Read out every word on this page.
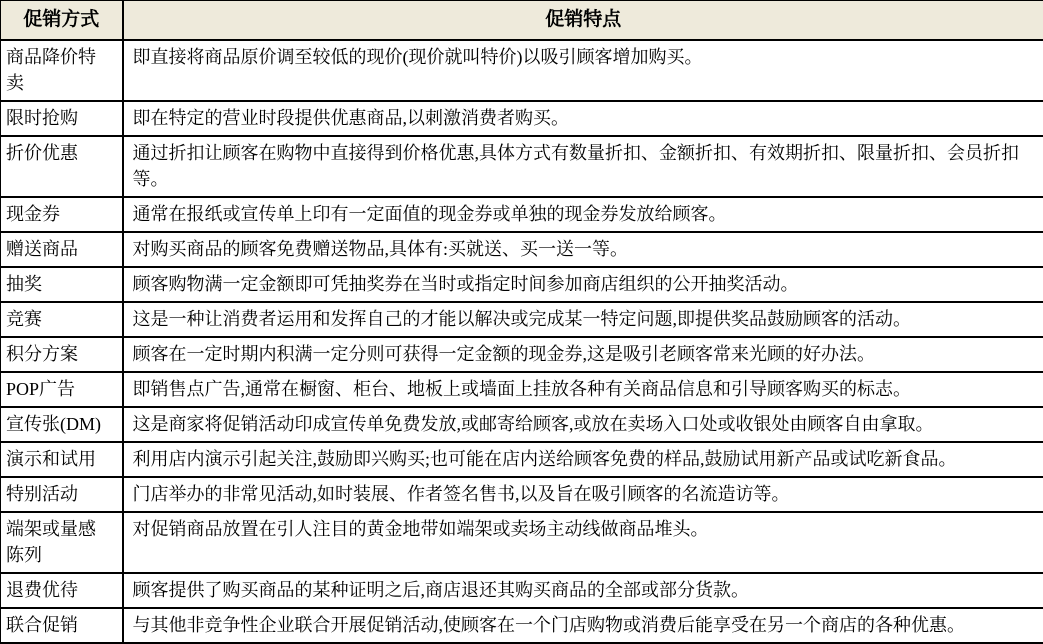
促销方式	促销特点
商品降价特卖	即直接将商品原价调至较低的现价(现价就叫特价)以吸引顾客增加购买。
限时抢购	即在特定的营业时段提供优惠商品,以刺激消费者购买。
折价优惠	通过折扣让顾客在购物中直接得到价格优惠,具体方式有数量折扣、金额折扣、有效期折扣、限量折扣、会员折扣等。
现金券	通常在报纸或宣传单上印有一定面值的现金券或单独的现金券发放给顾客。
赠送商品	对购买商品的顾客免费赠送物品,具体有:买就送、买一送一等。
抽奖	顾客购物满一定金额即可凭抽奖券在当时或指定时间参加商店组织的公开抽奖活动。
竞赛	这是一种让消费者运用和发挥自己的才能以解决或完成某一特定问题,即提供奖品鼓励顾客的活动。
积分方案	顾客在一定时期内积满一定分则可获得一定金额的现金券,这是吸引老顾客常来光顾的好办法。
POP广告	即销售点广告,通常在橱窗、柜台、地板上或墙面上挂放各种有关商品信息和引导顾客购买的标志。
宣传张(DM)	这是商家将促销活动印成宣传单免费发放,或邮寄给顾客,或放在卖场入口处或收银处由顾客自由拿取。
演示和试用	利用店内演示引起关注,鼓励即兴购买;也可能在店内送给顾客免费的样品,鼓励试用新产品或试吃新食品。
特别活动	门店举办的非常见活动,如时装展、作者签名售书,以及旨在吸引顾客的名流造访等。
端架或量感陈列	对促销商品放置在引人注目的黄金地带如端架或卖场主动线做商品堆头。
退费优待	顾客提供了购买商品的某种证明之后,商店退还其购买商品的全部或部分货款。
联合促销	与其他非竞争性企业联合开展促销活动,使顾客在一个门店购物或消费后能享受在另一个商店的各种优惠。
